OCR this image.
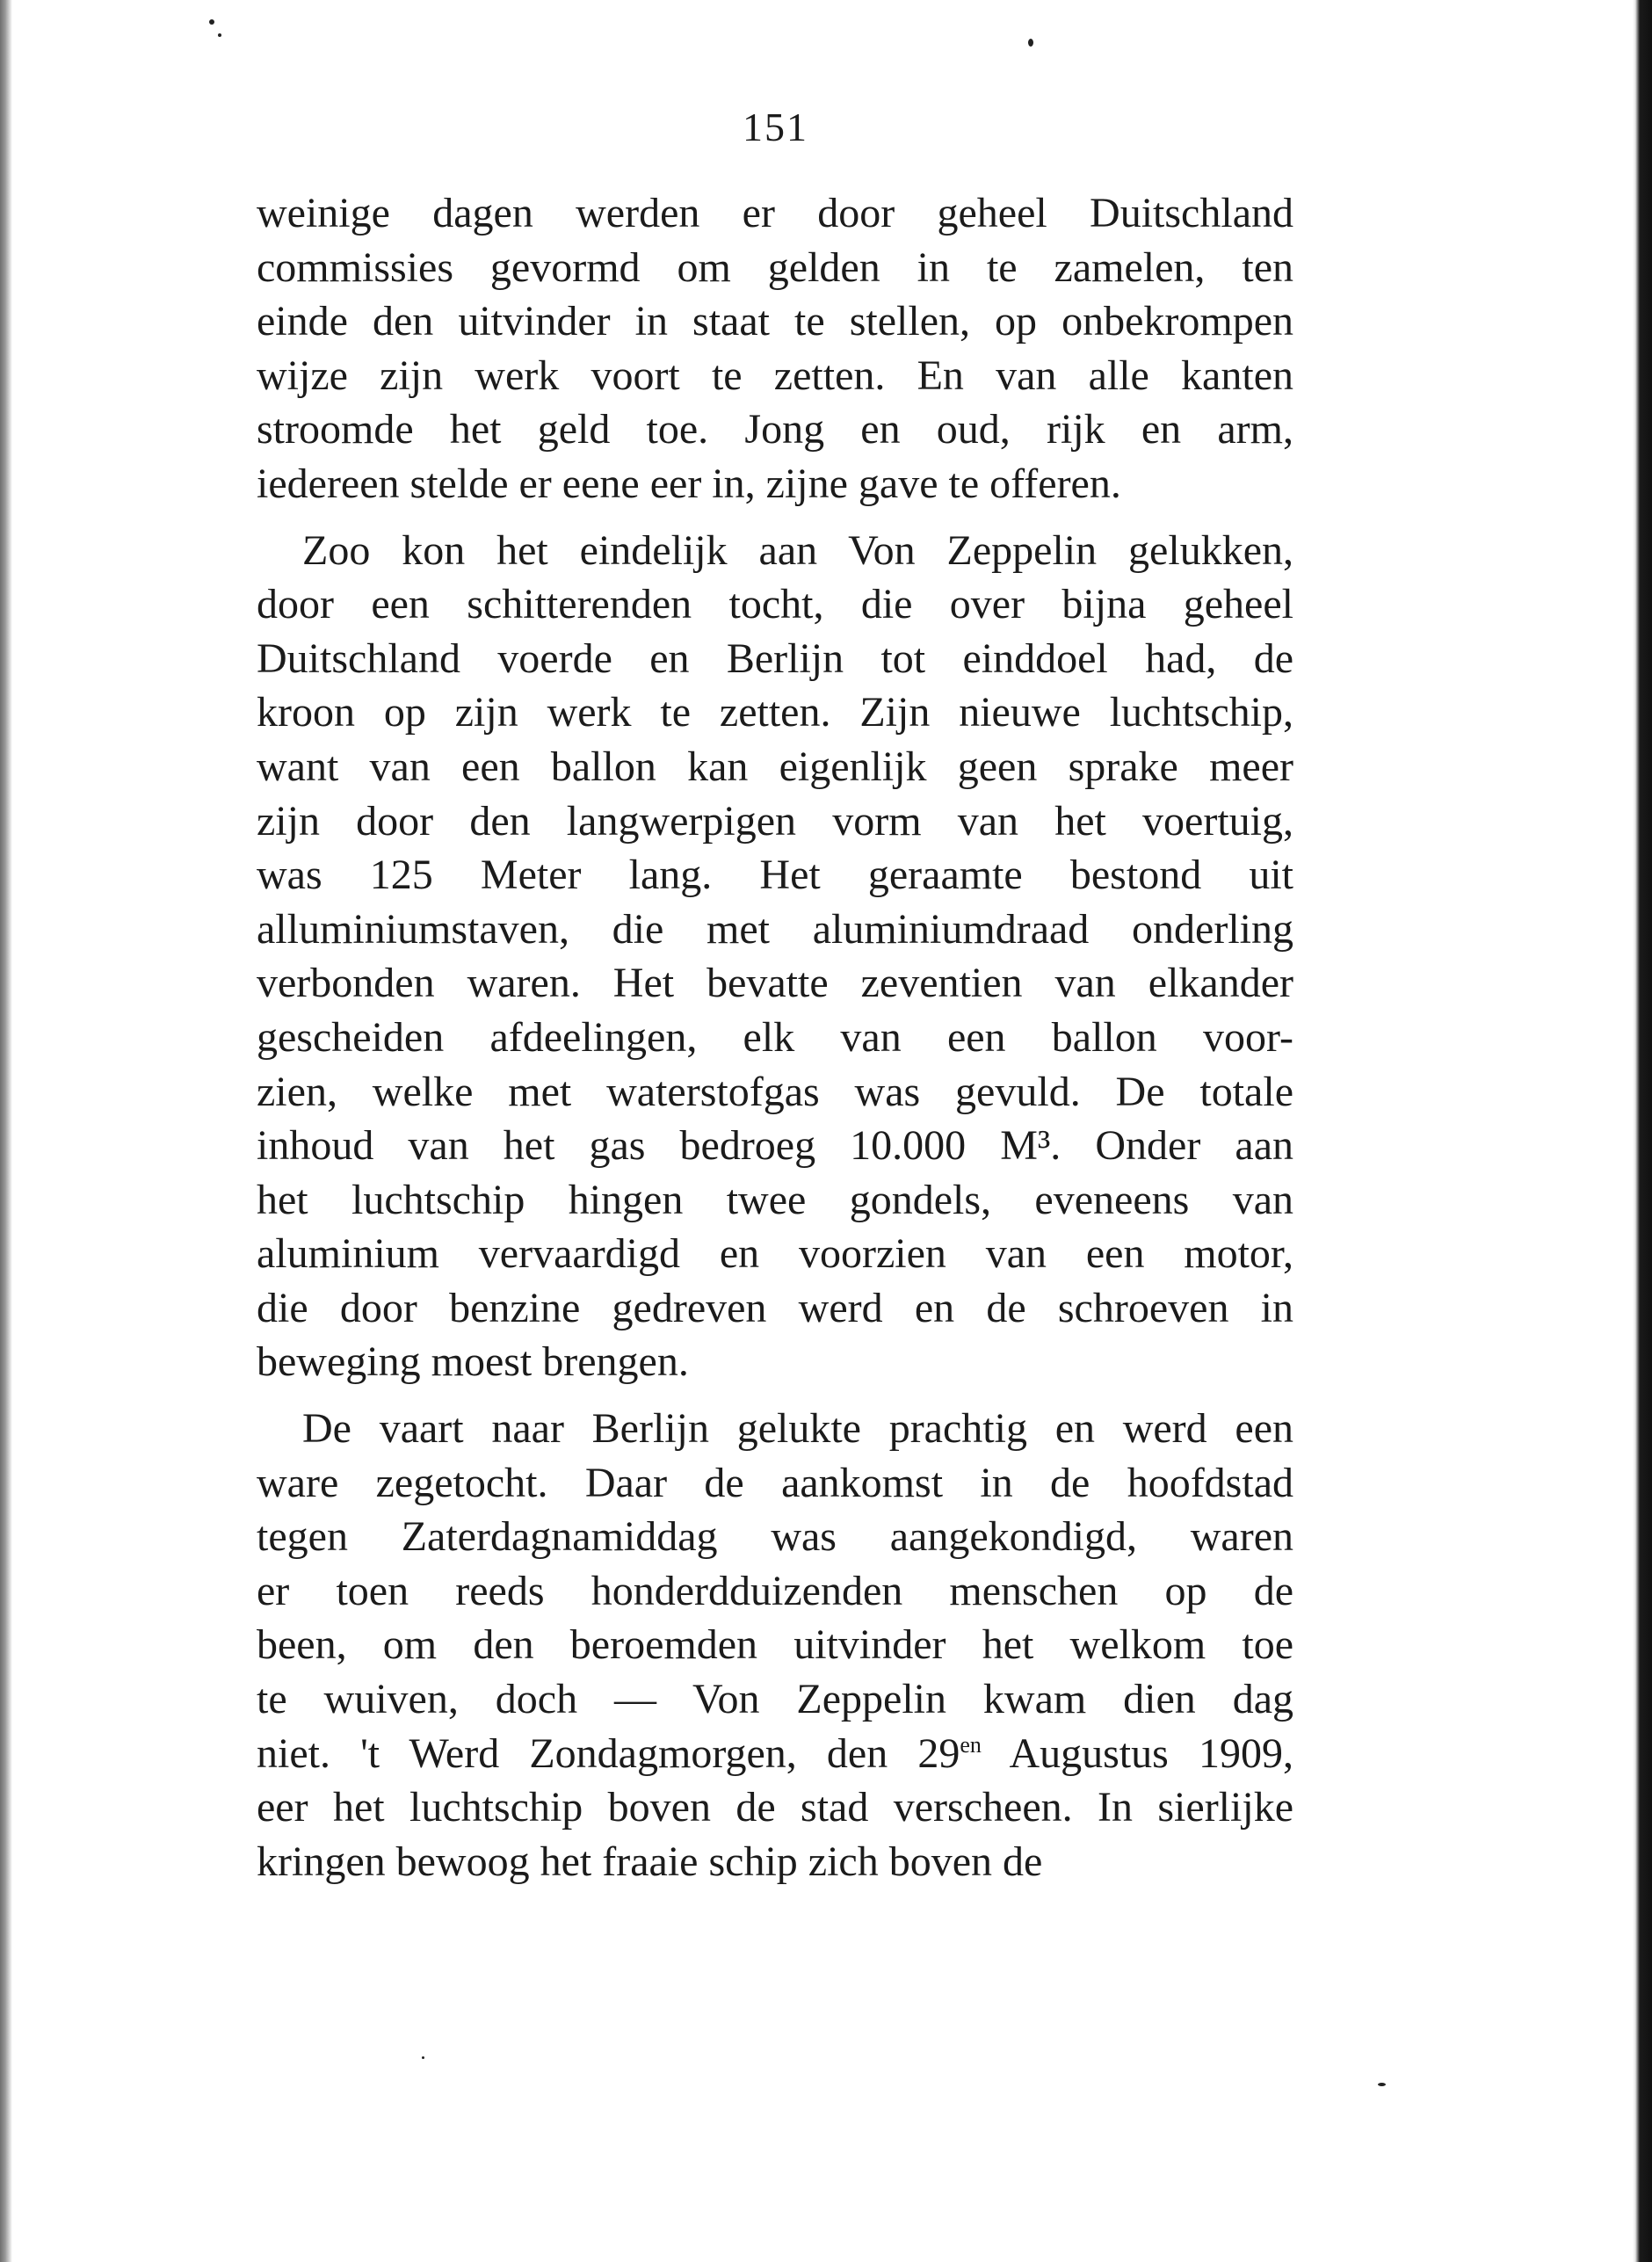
151
weinige dagen werden er door geheel Duitschland
commissies gevormd om gelden in te zamelen, ten
einde den uitvinder in staat te stellen, op onbekrompen
wijze zijn werk voort te zetten. En van alle kanten
stroomde het geld toe. Jong en oud, rijk en arm,
iedereen stelde er eene eer in, zijne gave te offeren.
Zoo kon het eindelijk aan Von Zeppelin gelukken,
door een schitterenden tocht, die over bijna geheel
Duitschland voerde en Berlijn tot einddoel had, de
kroon op zijn werk te zetten. Zijn nieuwe luchtschip,
want van een ballon kan eigenlijk geen sprake meer
zijn door den langwerpigen vorm van het voertuig,
was 125 Meter lang. Het geraamte bestond uit
alluminiumstaven, die met aluminiumdraad onderling
verbonden waren. Het bevatte zeventien van elkander
gescheiden afdeelingen, elk van een ballon voor-
zien, welke met waterstofgas was gevuld. De totale
inhoud van het gas bedroeg 10.000 M³. Onder aan
het luchtschip hingen twee gondels, eveneens van
aluminium vervaardigd en voorzien van een motor,
die door benzine gedreven werd en de schroeven in
beweging moest brengen.
De vaart naar Berlijn gelukte prachtig en werd een
ware zegetocht. Daar de aankomst in de hoofdstad
tegen Zaterdagnamiddag was aangekondigd, waren
er toen reeds honderdduizenden menschen op de
been, om den beroemden uitvinder het welkom toe
te wuiven, doch — Von Zeppelin kwam dien dag
niet. 't Werd Zondagmorgen, den $29^{en}$ Augustus 1909,
eer het luchtschip boven de stad verscheen. In sierlijke
kringen bewoog het fraaie schip zich boven de
